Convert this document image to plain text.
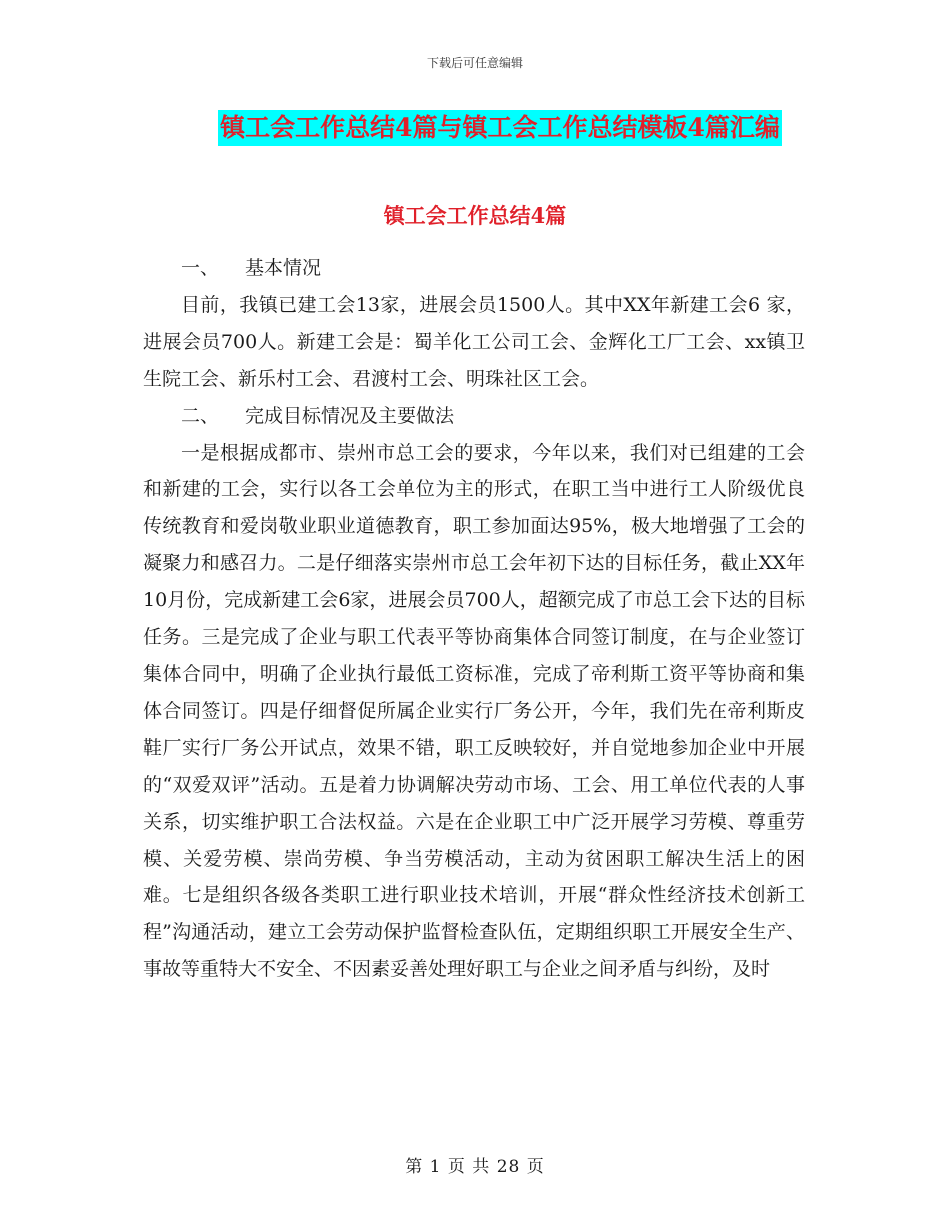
下载后可任意编辑
镇工会工作总结4篇与镇工会工作总结模板4篇汇编
镇工会工作总结4篇

一、 基本情况

目前，我镇已建工会13家，进展会员1500人。其中XX年新建工会6 家，进展会员700人。新建工会是：蜀羊化工公司工会、金辉化工厂工会、xx镇卫生院工会、新乐村工会、君渡村工会、明珠社区工会。

二、 完成目标情况及主要做法

一是根据成都市、崇州市总工会的要求，今年以来，我们对已组建的工会和新建的工会，实行以各工会单位为主的形式，在职工当中进行工人阶级优良传统教育和爱岗敬业职业道德教育，职工参加面达95%，极大地增强了工会的凝聚力和感召力。二是仔细落实崇州市总工会年初下达的目标任务，截止XX年10月份，完成新建工会6家，进展会员700人，超额完成了市总工会下达的目标任务。三是完成了企业与职工代表平等协商集体合同签订制度，在与企业签订集体合同中，明确了企业执行最低工资标准，完成了帝利斯工资平等协商和集体合同签订。四是仔细督促所属企业实行厂务公开，今年，我们先在帝利斯皮鞋厂实行厂务公开试点，效果不错，职工反映较好，并自觉地参加企业中开展的“双爱双评”活动。五是着力协调解决劳动市场、工会、用工单位代表的人事关系，切实维护职工合法权益。六是在企业职工中广泛开展学习劳模、尊重劳模、关爱劳模、崇尚劳模、争当劳模活动，主动为贫困职工解决生活上的困难。七是组织各级各类职工进行职业技术培训，开展“群众性经济技术创新工程”沟通活动，建立工会劳动保护监督检查队伍，定期组织职工开展安全生产、事故等重特大不安全、不因素妥善处理好职工与企业之间矛盾与纠纷，及时

第 1 页 共 28 页
